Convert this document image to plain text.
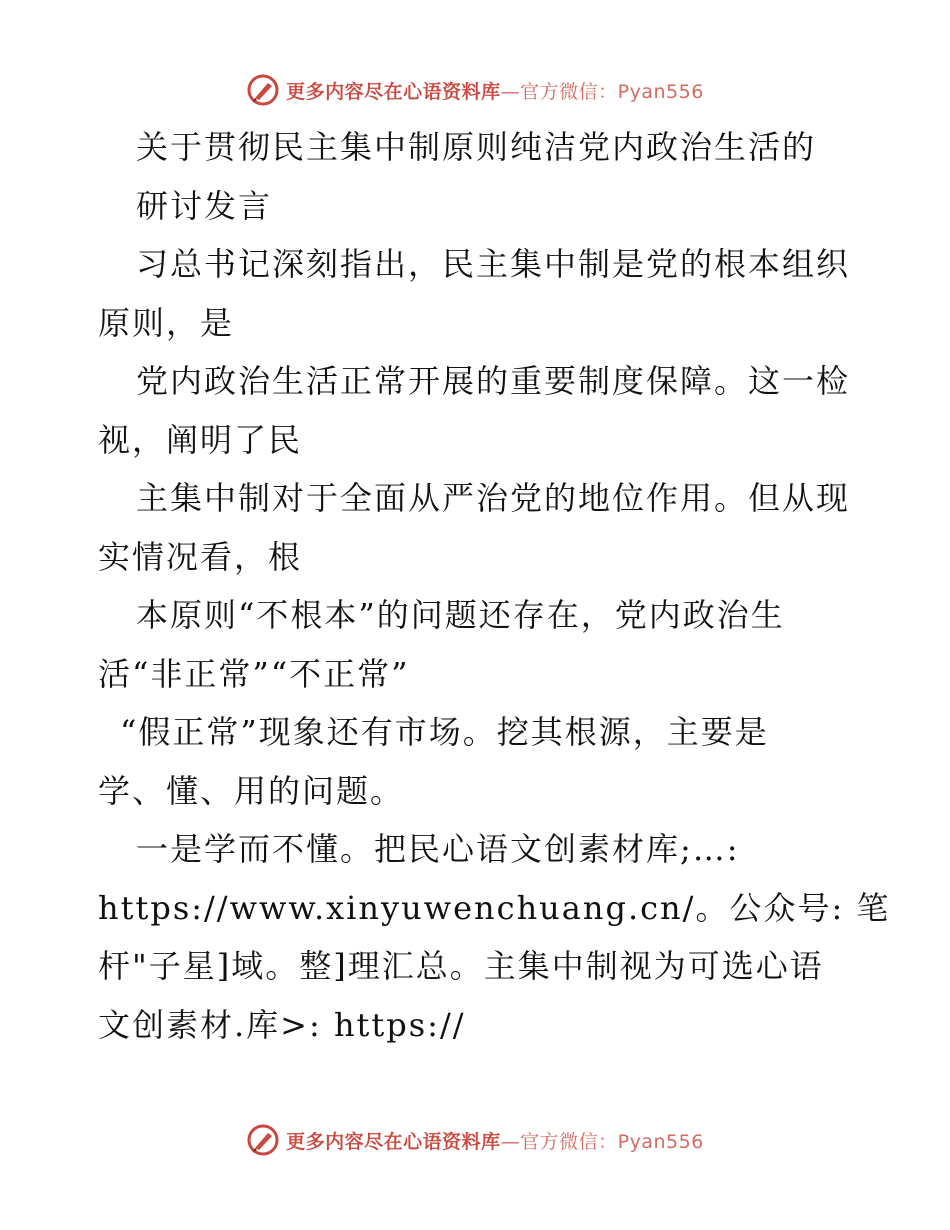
更多内容尽在心语资料库—官方微信：Pyan556
关于贯彻民主集中制原则纯洁党内政治生活的
研讨发言
习总书记深刻指出，民主集中制是党的根本组织
原则，是
党内政治生活正常开展的重要制度保障。这一检
视，阐明了民
主集中制对于全面从严治党的地位作用。但从现
实情况看，根
本原则“不根本”的问题还存在，党内政治生
活“非正常”“不正常”
“假正常”现象还有市场。挖其根源，主要是
学、懂、用的问题。
一是学而不懂。把民心语文创素材库;…:
https://www.xinyuwenchuang.cn/。公众号: 笔
杆"子星]域。整]理汇总。主集中制视为可选心语
文创素材.库>: https://
更多内容尽在心语资料库—官方微信：Pyan556
